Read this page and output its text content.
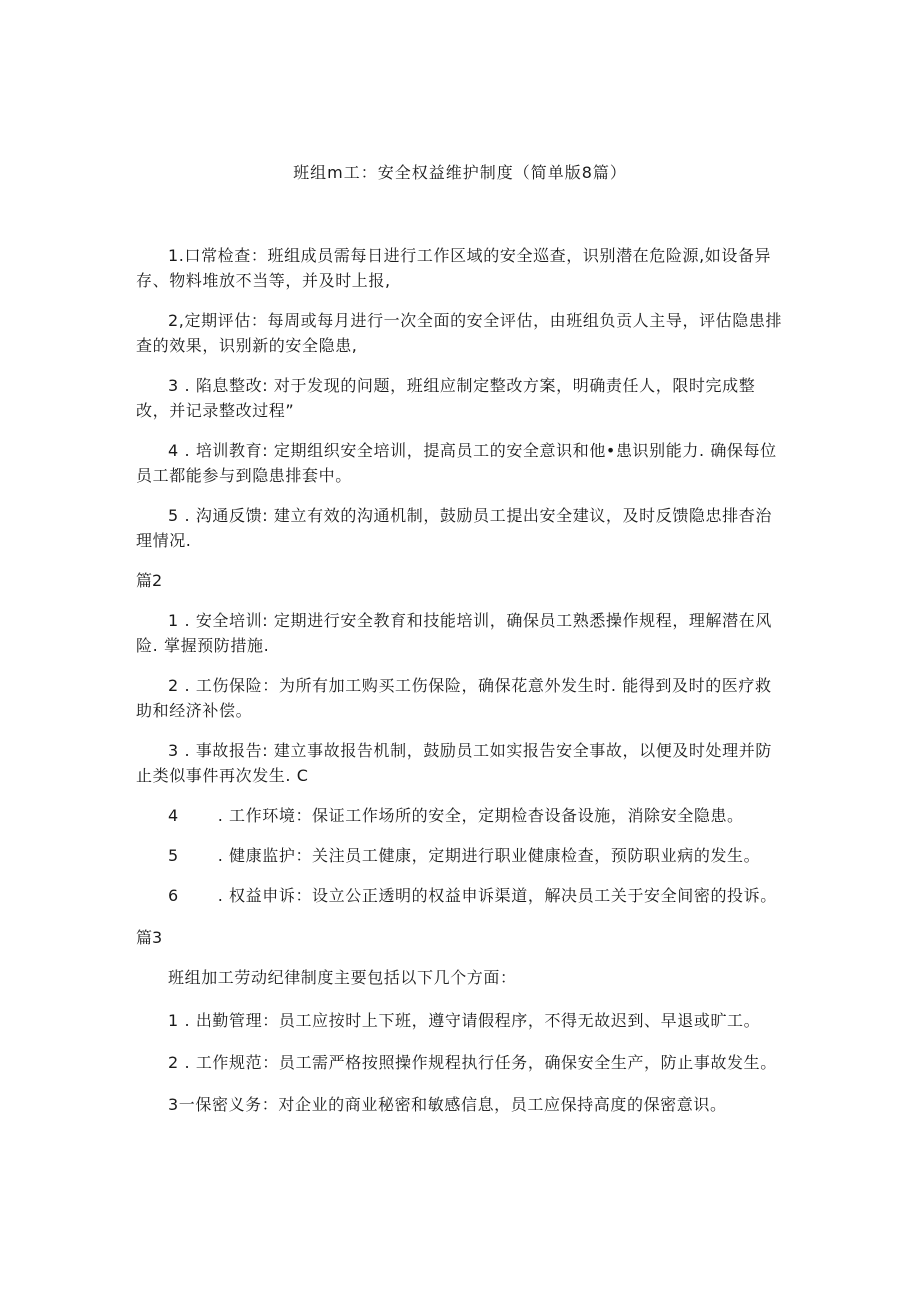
班组m工：安全权益维护制度（简单版8篇）

1.口常检查：班组成员需每日进行工作区域的安全巡查，识别潜在危险源,如设备异存、物料堆放不当等，并及时上报,

2,定期评估：每周或每月进行一次全面的安全评估，由班组负贡人主导，评估隐患排查的效果，识别新的安全隐患,

3 . 陷息整改: 对于发现的问题，班组应制定整改方案，明确责任人，限时完成整改，并记录整改过程”

4 . 培训教育: 定期组织安全培训，提高员工的安全意识和他•患识别能力. 确保每位员工都能参与到隐患排套中。

5 . 沟通反馈: 建立有效的沟通机制，鼓励员工提出安全建议，及时反馈隐忠排杳治理情况.

篇2

1 . 安全培训: 定期进行安全教育和技能培训，确保员工熟悉操作规程，理解潜在风险. 掌握预防措施.

2 . 工伤保险：为所有加工购买工伤保险，确保花意外发生时. 能得到及时的医疗救助和经济补偿。

3 . 事故报告: 建立事故报告机制，鼓励员工如实报告安全事故，以便及时处理并防止类似事件再次发生. C

4 . 工作环境：保证工作场所的安全，定期检杳设备设施，消除安全隐患。
5 . 健康监护：关注员工健康，定期进行职业健康检查，预防职业病的发生。
6 . 权益申诉：设立公正透明的权益申诉渠道，解决员工关于安全间密的投诉。
篇3

班组加工劳动纪律制度主要包括以下几个方面：

1 . 出勤管理：员工应按时上下班，遵守请假程序，不得无故迟到、早退或旷工。

2 . 工作规范：员工需严格按照操作规程执行任务，确保安全生产，防止事故发生。

3一保密义务：对企业的商业秘密和敏感信息，员工应保持高度的保密意识。
